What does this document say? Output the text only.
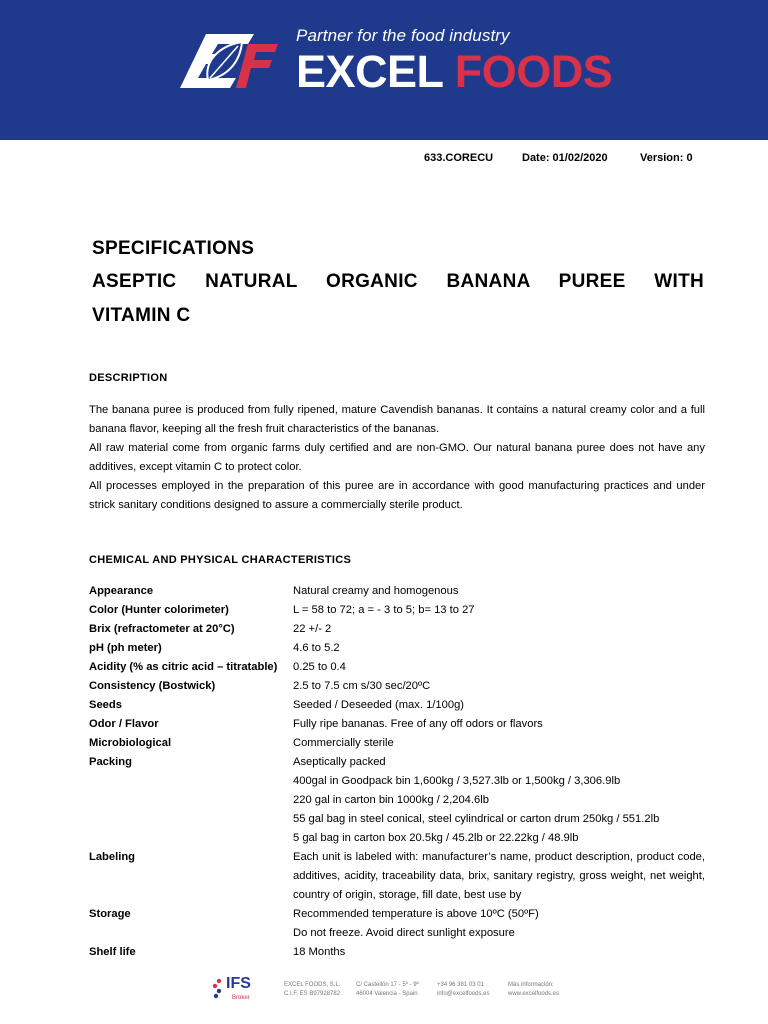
Partner for the food industry
EXCEL FOODS
633.CORECU	Date: 01/02/2020	Version: 0
SPECIFICATIONS
ASEPTIC NATURAL ORGANIC BANANA PUREE WITH
VITAMIN C
DESCRIPTION

The banana puree is produced from fully ripened, mature Cavendish bananas. It contains a natural creamy color and a full banana flavor, keeping all the fresh fruit characteristics of the bananas.

All raw material come from organic farms duly certified and are non-GMO. Our natural banana puree does not have any additives, except vitamin C to protect color.

All processes employed in the preparation of this puree are in accordance with good manufacturing practices and under strick sanitary conditions designed to assure a commercially sterile product.

CHEMICAL AND PHYSICAL CHARACTERISTICS
Appearance	Natural creamy and homogenous
Color (Hunter colorimeter)	L = 58 to 72; a = - 3 to 5; b= 13 to 27
Brix (refractometer at 20°C)	22 +/- 2
pH (ph meter)	4.6 to 5.2
Acidity (% as citric acid – titratable)	0.25 to 0.4
Consistency (Bostwick)	2.5 to 7.5 cm s/30 sec/20ºC
Seeds	Seeded / Deseeded (max. 1/100g)
Odor / Flavor	Fully ripe bananas. Free of any off odors or flavors
Microbiological	Commercially sterile
Packing	Aseptically packed
400gal in Goodpack bin 1,600kg / 3,527.3lb or 1,500kg / 3,306.9lb
220 gal in carton bin 1000kg / 2,204.6lb
55 gal bag in steel conical, steel cylindrical or carton drum 250kg / 551.2lb
5 gal bag in carton box 20.5kg / 45.2lb or 22.22kg / 48.9lb
Labeling	Each unit is labeled with: manufacturer’s name, product description, product code, additives, acidity, traceability data, brix, sanitary registry, gross weight, net weight, country of origin, storage, fill date, best use by
Storage	Recommended temperature is above 10ºC (50ºF)
Do not freeze. Avoid direct sunlight exposure
Shelf life	18 Months
IFS
Broker
EXCEL FOODS, S.L.
C.I.F. ES B97928782
C/ Castellón 17 - 5º - 9ª
46004 Valencia - Spain
+34 96 381 03 01
info@excelfoods.es
Más información:
www.excelfoods.es
